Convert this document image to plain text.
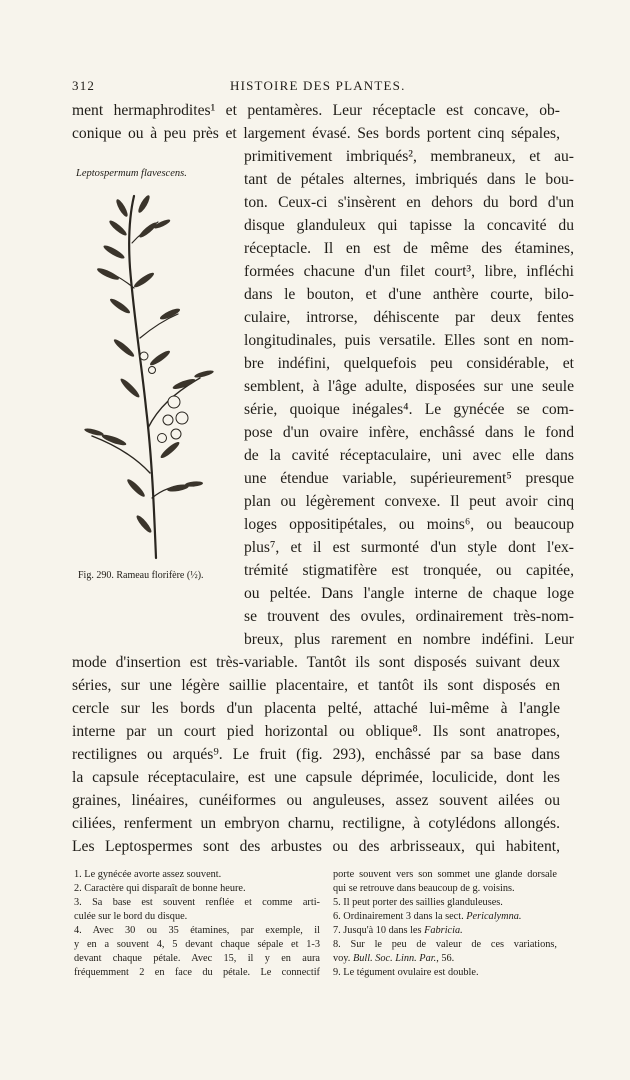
312	HISTOIRE DES PLANTES.
Leptospermum flavescens.
Fig. 290. Rameau florifère (½).
ment hermaphrodites¹ et pentamères. Leur réceptacle est concave, ob-
conique ou à peu près et largement évasé. Ses bords portent cinq sépales,
primitivement imbriqués², membraneux, et au-
tant de pétales alternes, imbriqués dans le bou-
ton. Ceux-ci s'insèrent en dehors du bord d'un
disque glanduleux qui tapisse la concavité du
réceptacle. Il en est de même des étamines,
formées chacune d'un filet court³, libre, infléchi
dans le bouton, et d'une anthère courte, bilo-
culaire, introrse, déhiscente par deux fentes
longitudinales, puis versatile. Elles sont en nom-
bre indéfini, quelquefois peu considérable, et
semblent, à l'âge adulte, disposées sur une seule
série, quoique inégales⁴. Le gynécée se com-
pose d'un ovaire infère, enchâssé dans le fond
de la cavité réceptaculaire, uni avec elle dans
une étendue variable, supérieurement⁵ presque
plan ou légèrement convexe. Il peut avoir cinq
loges oppositipétales, ou moins⁶, ou beaucoup
plus⁷, et il est surmonté d'un style dont l'ex-
trémité stigmatifère est tronquée, ou capitée,
ou peltée. Dans l'angle interne de chaque loge
se trouvent des ovules, ordinairement très-nom-
breux, plus rarement en nombre indéfini. Leur
mode d'insertion est très-variable. Tantôt ils sont disposés suivant deux
séries, sur une légère saillie placentaire, et tantôt ils sont disposés en
cercle sur les bords d'un placenta pelté, attaché lui-même à l'angle
interne par un court pied horizontal ou oblique⁸. Ils sont anatropes,
rectilignes ou arqués⁹. Le fruit (fig. 293), enchâssé par sa base dans
la capsule réceptaculaire, est une capsule déprimée, loculicide, dont les
graines, linéaires, cunéiformes ou anguleuses, assez souvent ailées ou
ciliées, renferment un embryon charnu, rectiligne, à cotylédons allongés.
Les Leptospermes sont des arbustes ou des arbrisseaux, qui habitent,
1. Le gynécée avorte assez souvent.
2. Caractère qui disparaît de bonne heure.
3. Sa base est souvent renflée et comme arti-
culée sur le bord du disque.
4. Avec 30 ou 35 étamines, par exemple, il
y en a souvent 4, 5 devant chaque sépale et 1-3
devant chaque pétale. Avec 15, il y en aura
fréquemment 2 en face du pétale. Le connectif
porte souvent vers son sommet une glande dorsale
qui se retrouve dans beaucoup de g. voisins.
5. Il peut porter des saillies glanduleuses.
6. Ordinairement 3 dans la sect. Pericalymna.
7. Jusqu'à 10 dans les Fabricia.
8. Sur le peu de valeur de ces variations,
voy. Bull. Soc. Linn. Par., 56.
9. Le tégument ovulaire est double.
